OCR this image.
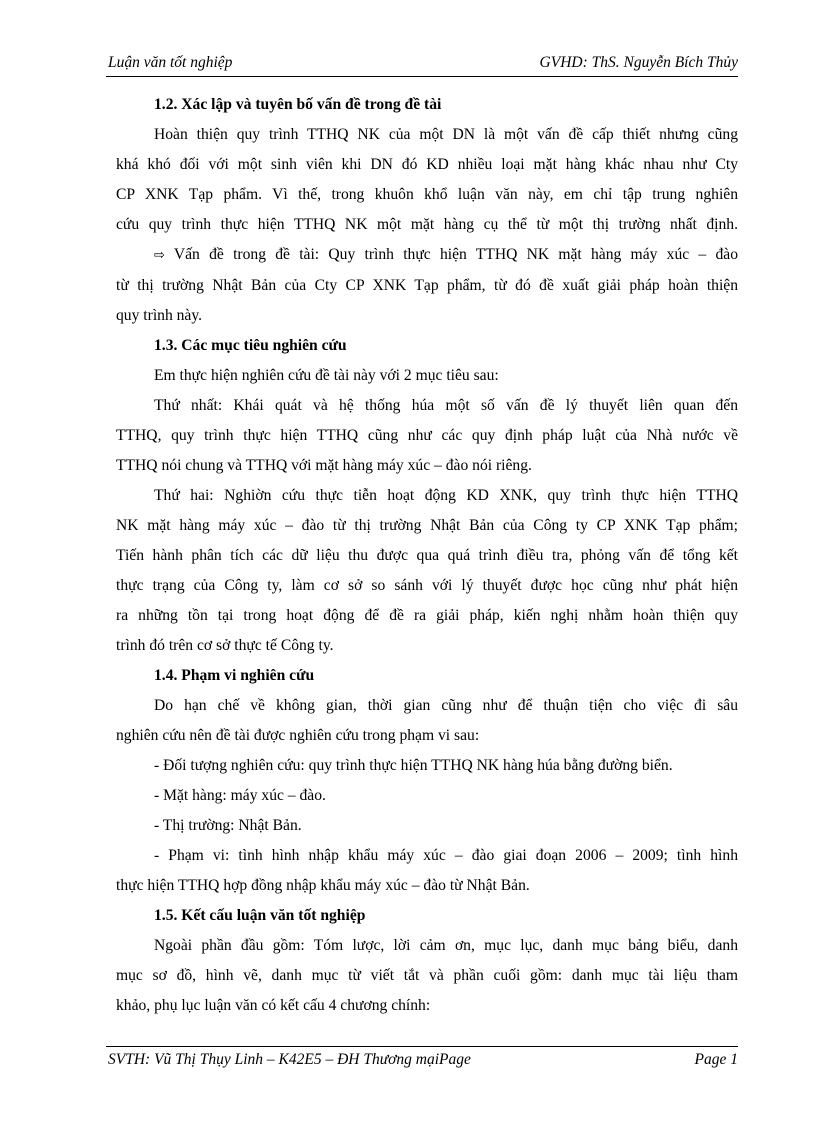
Luận văn tốt nghiệp	GVHD: ThS. Nguyễn Bích Thủy

1.2. Xác lập và tuyên bố vấn đề trong đề tài

Hoàn thiện quy trình TTHQ NK của một DN là một vấn đề cấp thiết nhưng cũng

khá khó đối với một sinh viên khi DN đó KD nhiều loại mặt hàng khác nhau như Cty

CP XNK Tạp phẩm. Vì thế, trong khuôn khổ luận văn này, em chỉ tập trung nghiên

cứu quy trình thực hiện TTHQ NK một mặt hàng cụ thể từ một thị trường nhất định.

⇨ Vấn đề trong đề tài: Quy trình thực hiện TTHQ NK mặt hàng máy xúc – đào

từ thị trường Nhật Bản của Cty CP XNK Tạp phẩm, từ đó đề xuất giải pháp hoàn thiện

quy trình này.

1.3. Các mục tiêu nghiên cứu

Em thực hiện nghiên cứu đề tài này với 2 mục tiêu sau:

Thứ nhất: Khái quát và hệ thống húa một số vấn đề lý thuyết liên quan đến

TTHQ, quy trình thực hiện TTHQ cũng như các quy định pháp luật của Nhà nước về

TTHQ nói chung và TTHQ với mặt hàng máy xúc – đào nói riêng.

Thứ hai: Nghiờn cứu thực tiễn hoạt động KD XNK, quy trình thực hiện TTHQ

NK mặt hàng máy xúc – đào từ thị trường Nhật Bản của Công ty CP XNK Tạp phẩm;

Tiến hành phân tích các dữ liệu thu được qua quá trình điều tra, phỏng vấn để tổng kết

thực trạng của Công ty, làm cơ sở so sánh với lý thuyết được học cũng như phát hiện

ra những tồn tại trong hoạt động để đề ra giải pháp, kiến nghị nhằm hoàn thiện quy

trình đó trên cơ sở thực tế Công ty.

1.4. Phạm vi nghiên cứu

Do hạn chế về không gian, thời gian cũng như để thuận tiện cho việc đi sâu

nghiên cứu nên đề tài được nghiên cứu trong phạm vi sau:

- Đối tượng nghiên cứu: quy trình thực hiện TTHQ NK hàng húa bằng đường biển.

- Mặt hàng: máy xúc – đào.

- Thị trường: Nhật Bản.

- Phạm vi: tình hình nhập khẩu máy xúc – đào giai đoạn 2006 – 2009; tình hình

thực hiện TTHQ hợp đồng nhập khẩu máy xúc – đào từ Nhật Bản.

1.5. Kết cấu luận văn tốt nghiệp

Ngoài phần đầu gồm: Tóm lược, lời cảm ơn, mục lục, danh mục bảng biểu, danh

mục sơ đồ, hình vẽ, danh mục từ viết tắt và phần cuối gồm: danh mục tài liệu tham

khảo, phụ lục luận văn có kết cấu 4 chương chính:

SVTH: Vũ Thị Thụy Linh – K42E5 – ĐH Thương mạiPage	Page 1
